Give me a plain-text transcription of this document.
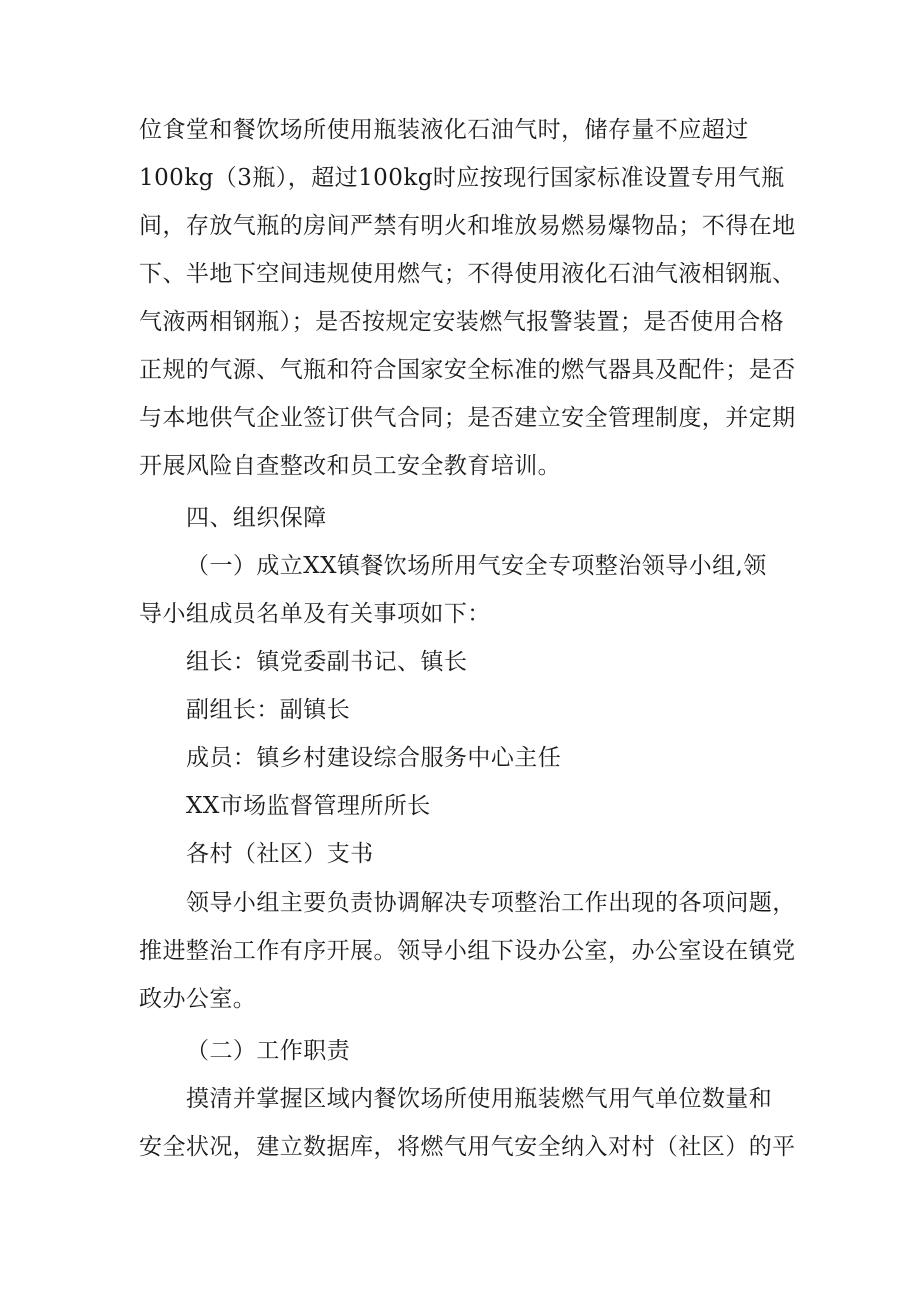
位食堂和餐饮场所使用瓶装液化石油气时，储存量不应超过
100kg（3瓶），超过100kg时应按现行国家标准设置专用气瓶
间，存放气瓶的房间严禁有明火和堆放易燃易爆物品；不得在地
下、半地下空间违规使用燃气；不得使用液化石油气液相钢瓶、
气液两相钢瓶）；是否按规定安装燃气报警装置；是否使用合格
正规的气源、气瓶和符合国家安全标准的燃气器具及配件；是否
与本地供气企业签订供气合同；是否建立安全管理制度，并定期
开展风险自查整改和员工安全教育培训。
四、组织保障
（一）成立XX镇餐饮场所用气安全专项整治领导小组,领
导小组成员名单及有关事项如下：
组长：镇党委副书记、镇长
副组长：副镇长
成员：镇乡村建设综合服务中心主任
XX市场监督管理所所长
各村（社区）支书
领导小组主要负责协调解决专项整治工作出现的各项问题，
推进整治工作有序开展。领导小组下设办公室，办公室设在镇党
政办公室。
（二）工作职责
摸清并掌握区域内餐饮场所使用瓶装燃气用气单位数量和
安全状况，建立数据库，将燃气用气安全纳入对村（社区）的平
